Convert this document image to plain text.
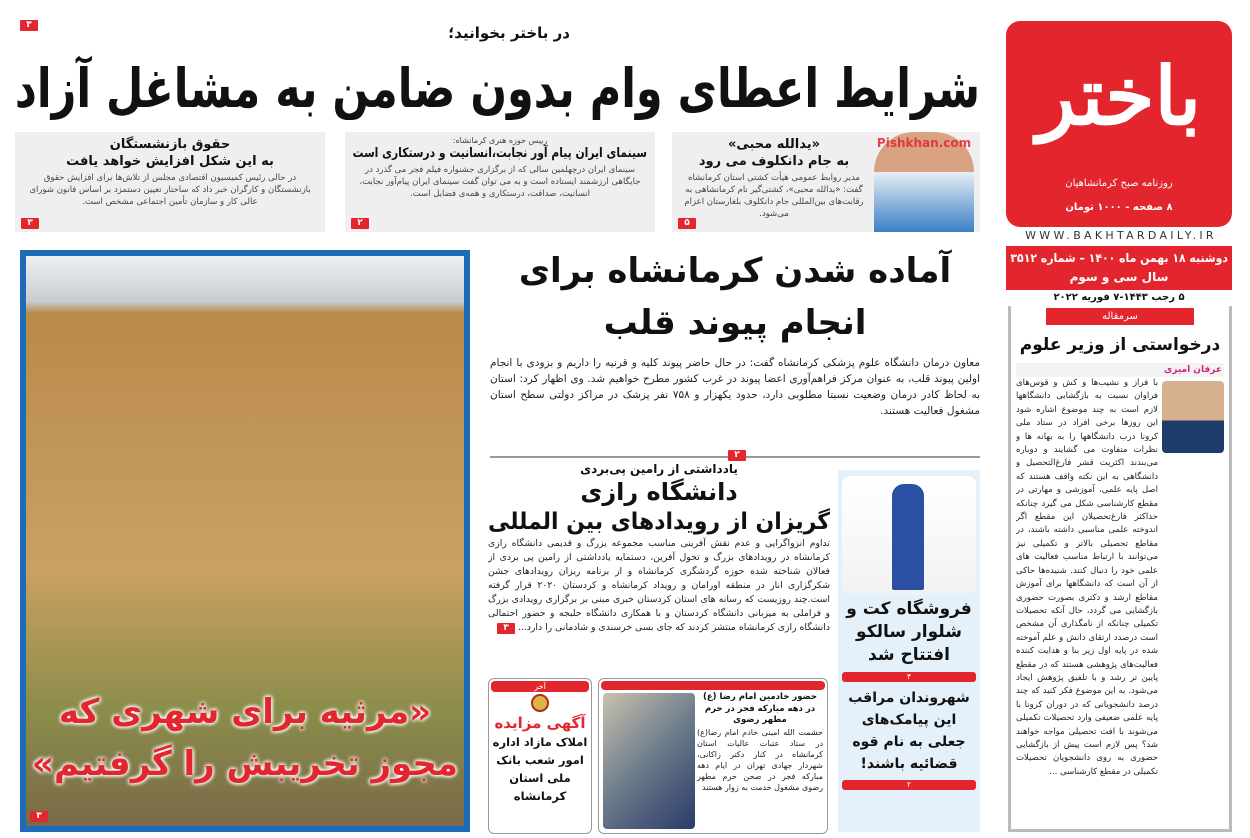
۳	در باختر بخوانید؛
شرایط اعطای وام بدون ضامن به مشاغل آزاد
حقوق بازنشستگان
به این شکل افزایش خواهد یافت

در حالی رئیس کمیسیون اقتصادی مجلس از تلاش‌ها برای افزایش حقوق بازنشستگان و کارگران خبر داد که ساختار تعیین دستمزد بر اساس قانون شورای عالی کار و سازمان تأمین اجتماعی مشخص است.

۳
رییس حوزه هنری کرمانشاه:
سینمای ایران پیام آور نجابت،انسانیت و درستکاری است

سینمای ایران درچهلمین سالی که از برگزاری جشنواره فیلم فجر می گذرد در جایگاهی ارزشمند ایستاده است و به می توان گفت سینمای ایران پیام‌آور نجابت، انسانیت، صداقت، درستکاری و همه‌ی فضایل است.

۲
Pishkhan.com
«یدالله محبی»
به جام دانکلوف می رود

مدیر روابط عمومی هیأت کشتی استان کرمانشاه گفت: «یدالله محبی»، کشتی‌گیر نام کرمانشاهی به رقابت‌های بین‌المللی جام دانکلوف بلغارستان اعزام می‌شود.

۵
باختر
روزنامه صبح کرمانشاهیان
۸ صفحه - ۱۰۰۰ تومان
WWW.BAKHTARDAILY.IR
دوشنبه ۱۸ بهمن ماه ۱۴۰۰ – شماره ۳۵۱۲
سال سی و سوم
۵ رجب ۱۴۴۳-۷ فوریه ۲۰۲۲
سرمقاله
درخواستی از وزیر علوم
عرفان امیری
با فراز و نشیب‌ها و کش و قوس‌های فراوان نسبت به بازگشایی دانشگاهها لازم است به چند موضوع اشاره شود این روزها برخی افراد در ستاد ملی کرونا درب دانشگاهها را به بهانه ها و نظرات متفاوت می گشایند و دوباره می‌بندند اکثریت قشر فارغ‌التحصیل و دانشگاهی به این نکته واقف هستند که اصل پایه علمی، آموزشی و مهارتی در مقطع کارشناسی شکل می گیرد چنانکه حداکثر فارغ‌تحصیلان این مقطع اگر اندوخته علمی مناسبی داشته باشند، در مقاطع تحصیلی بالاتر و تکمیلی نیز می‌توانند با ارتباط مناسب فعالیت های علمی خود را دنبال کنند. شنیده‌ها حاکی از آن است که دانشگاهها برای آموزش مقاطع ارشد و دکتری بصورت حضوری بازگشایی می گردد، حال آنکه تحصیلات تکمیلی چنانکه از نامگذاری آن مشخص است درصدد ارتقای دانش و علم آموخته شده در پایه اول زیر بنا و هدایت کننده فعالیت‌های پژوهشی هستند که در مقطع پایین تر رشد و با تلفیق پژوهش ایجاد می‌شود. به این موضوع فکر کنید که چند درصد دانشجویانی که در دوران کرونا با پایه علمی ضعیفی وارد تحصیلات تکمیلی می‌شوند با افت تحصیلی مواجه خواهند شد؟ پس لازم است پیش از بازگشایی حضوری به روی دانشجویان تحصیلات تکمیلی در مقطع کارشناسی ...
آماده شدن کرمانشاه برای انجام پیوند قلب
معاون درمان دانشگاه علوم پزشکی کرمانشاه گفت: در حال حاضر پیوند کلیه و قرنیه را داریم و بزودی با انجام اولین پیوند قلب، به عنوان مرکز فراهم‌آوری اعضا پیوند در غرب کشور مطرح خواهیم شد. وی اظهار کرد: استان به لحاظ کادر درمان وضعیت نسبتا مطلوبی دارد، حدود یکهزار و ۷۵۸ نفر پزشک در مراکز دولتی سطح استان مشغول فعالیت هستند.
۲
«مرثیه برای شهری که
مجوز تخریبش را گرفتیم»
۳
یادداشتی از رامین پی‌بردی
دانشگاه رازی
گریزان از رویدادهای بین المللی
تداوم انزواگرایی و عدم نقش آفرینی مناسب مجموعه بزرگ و قدیمی دانشگاه رازی کرمانشاه در رویدادهای بزرگ و تحول آفرین، دستمایه یادداشتی از رامین پی بردی از فعالان شناخته شده حوزه گردشگری کرمانشاه و از برنامه ریزان رویدادهای جشن شکرگزاری انار در منطقه اورامان و رویداد کرمانشاه و کردستان ۲۰۲۰ قرار گرفته است.چند روزیست که رسانه های استان کردستان خبری مبنی بر برگزاری رویدادی بزرگ و فراملی به میزبانی دانشگاه کردستان و با همکاری دانشگاه حلبجه و حضور احتمالی دانشگاه رازی کرمانشاه منتشر کردند که جای بسی خرسندی و شادمانی را دارد... ۳
فروشگاه کت و شلوار سالکو افتتاح شد
۴
شهروندان مراقب این پیامک‌های جعلی به نام قوه قضائیه باشند!
۲
آخر
آگهی مزایده
املاک مازاد اداره امور شعب بانک ملی استان کرمانشاه
حضور خادمین امام رضا (ع) در دهه مبارکه فجر در حرم مطهر رضوی
حشمت الله امینی خادم امام رضا(ع) در ستاد عتبات عالیات استان کرمانشاه در کنار دکتر زاکانی، شهردار جهادی تهران در ایام دهه مبارکه فجر در صحن حرم مطهر رضوی مشغول خدمت به زوار هستند
